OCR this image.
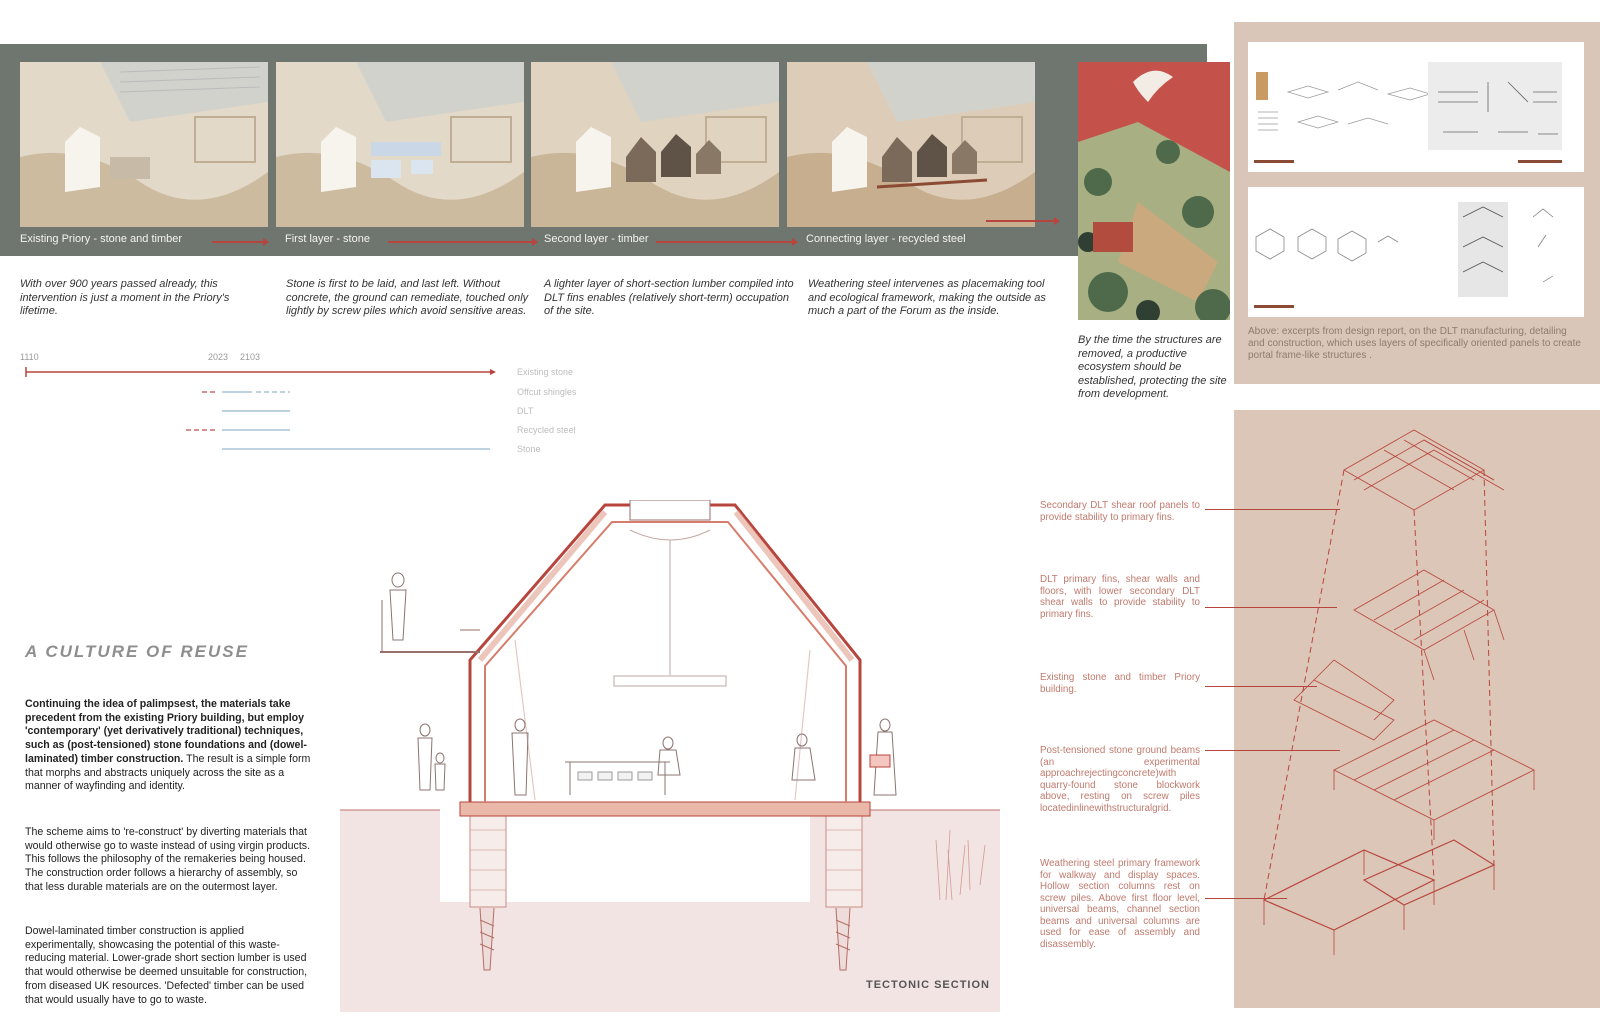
Existing Priory - stone and timber	First layer - stone	Second layer - timber	Connecting layer - recycled steel
With over 900 years passed already, this intervention is just a moment in the Priory's lifetime.
Stone is first to be laid, and last left. Without concrete, the ground can remediate, touched only lightly by screw piles which avoid sensitive areas.
A lighter layer of short-section lumber compiled into DLT fins enables (relatively short-term) occupation of the site.
Weathering steel intervenes as placemaking tool and ecological framework, making the outside as much a part of the Forum as the inside.
1110	2023 2103
Existing stone
Offcut shingles
DLT
Recycled steel
Stone
A CULTURE OF REUSE
Continuing the idea of palimpsest, the materials take precedent from the existing Priory building, but employ 'contemporary' (yet derivatively traditional) techniques, such as (post-tensioned) stone foundations and (dowel-laminated) timber construction. The result is a simple form that morphs and abstracts uniquely across the site as a manner of wayfinding and identity.
The scheme aims to 're-construct' by diverting materials that would otherwise go to waste instead of using virgin products. This follows the philosophy of the remakeries being housed. The construction order follows a hierarchy of assembly, so that less durable materials are on the outermost layer.
Dowel-laminated timber construction is applied experimentally, showcasing the potential of this waste-reducing material. Lower-grade short section lumber is used that would otherwise be deemed unsuitable for construction, from diseased UK resources. 'Defected' timber can be used that would usually have to go to waste.
TECTONIC SECTION
By the time the structures are removed, a productive ecosystem should be established, protecting the site from development.
Above: excerpts from design report, on the DLT manufacturing, detailing and construction, which uses layers of specifically oriented panels to create portal frame-like structures .
Secondary DLT shear roof panels to provide stability to primary fins.
DLT primary fins, shear walls and floors, with lower secondary DLT shear walls to provide stability to primary fins.
Existing stone and timber Priory building.
Post-tensioned stone ground beams (an experimental approachrejectingconcrete)with quarry-found stone blockwork above, resting on screw piles locatedinlinewithstructuralgrid.
Weathering steel primary framework for walkway and display spaces. Hollow section columns rest on screw piles. Above first floor level, universal beams, channel section beams and universal columns are used for ease of assembly and disassembly.
